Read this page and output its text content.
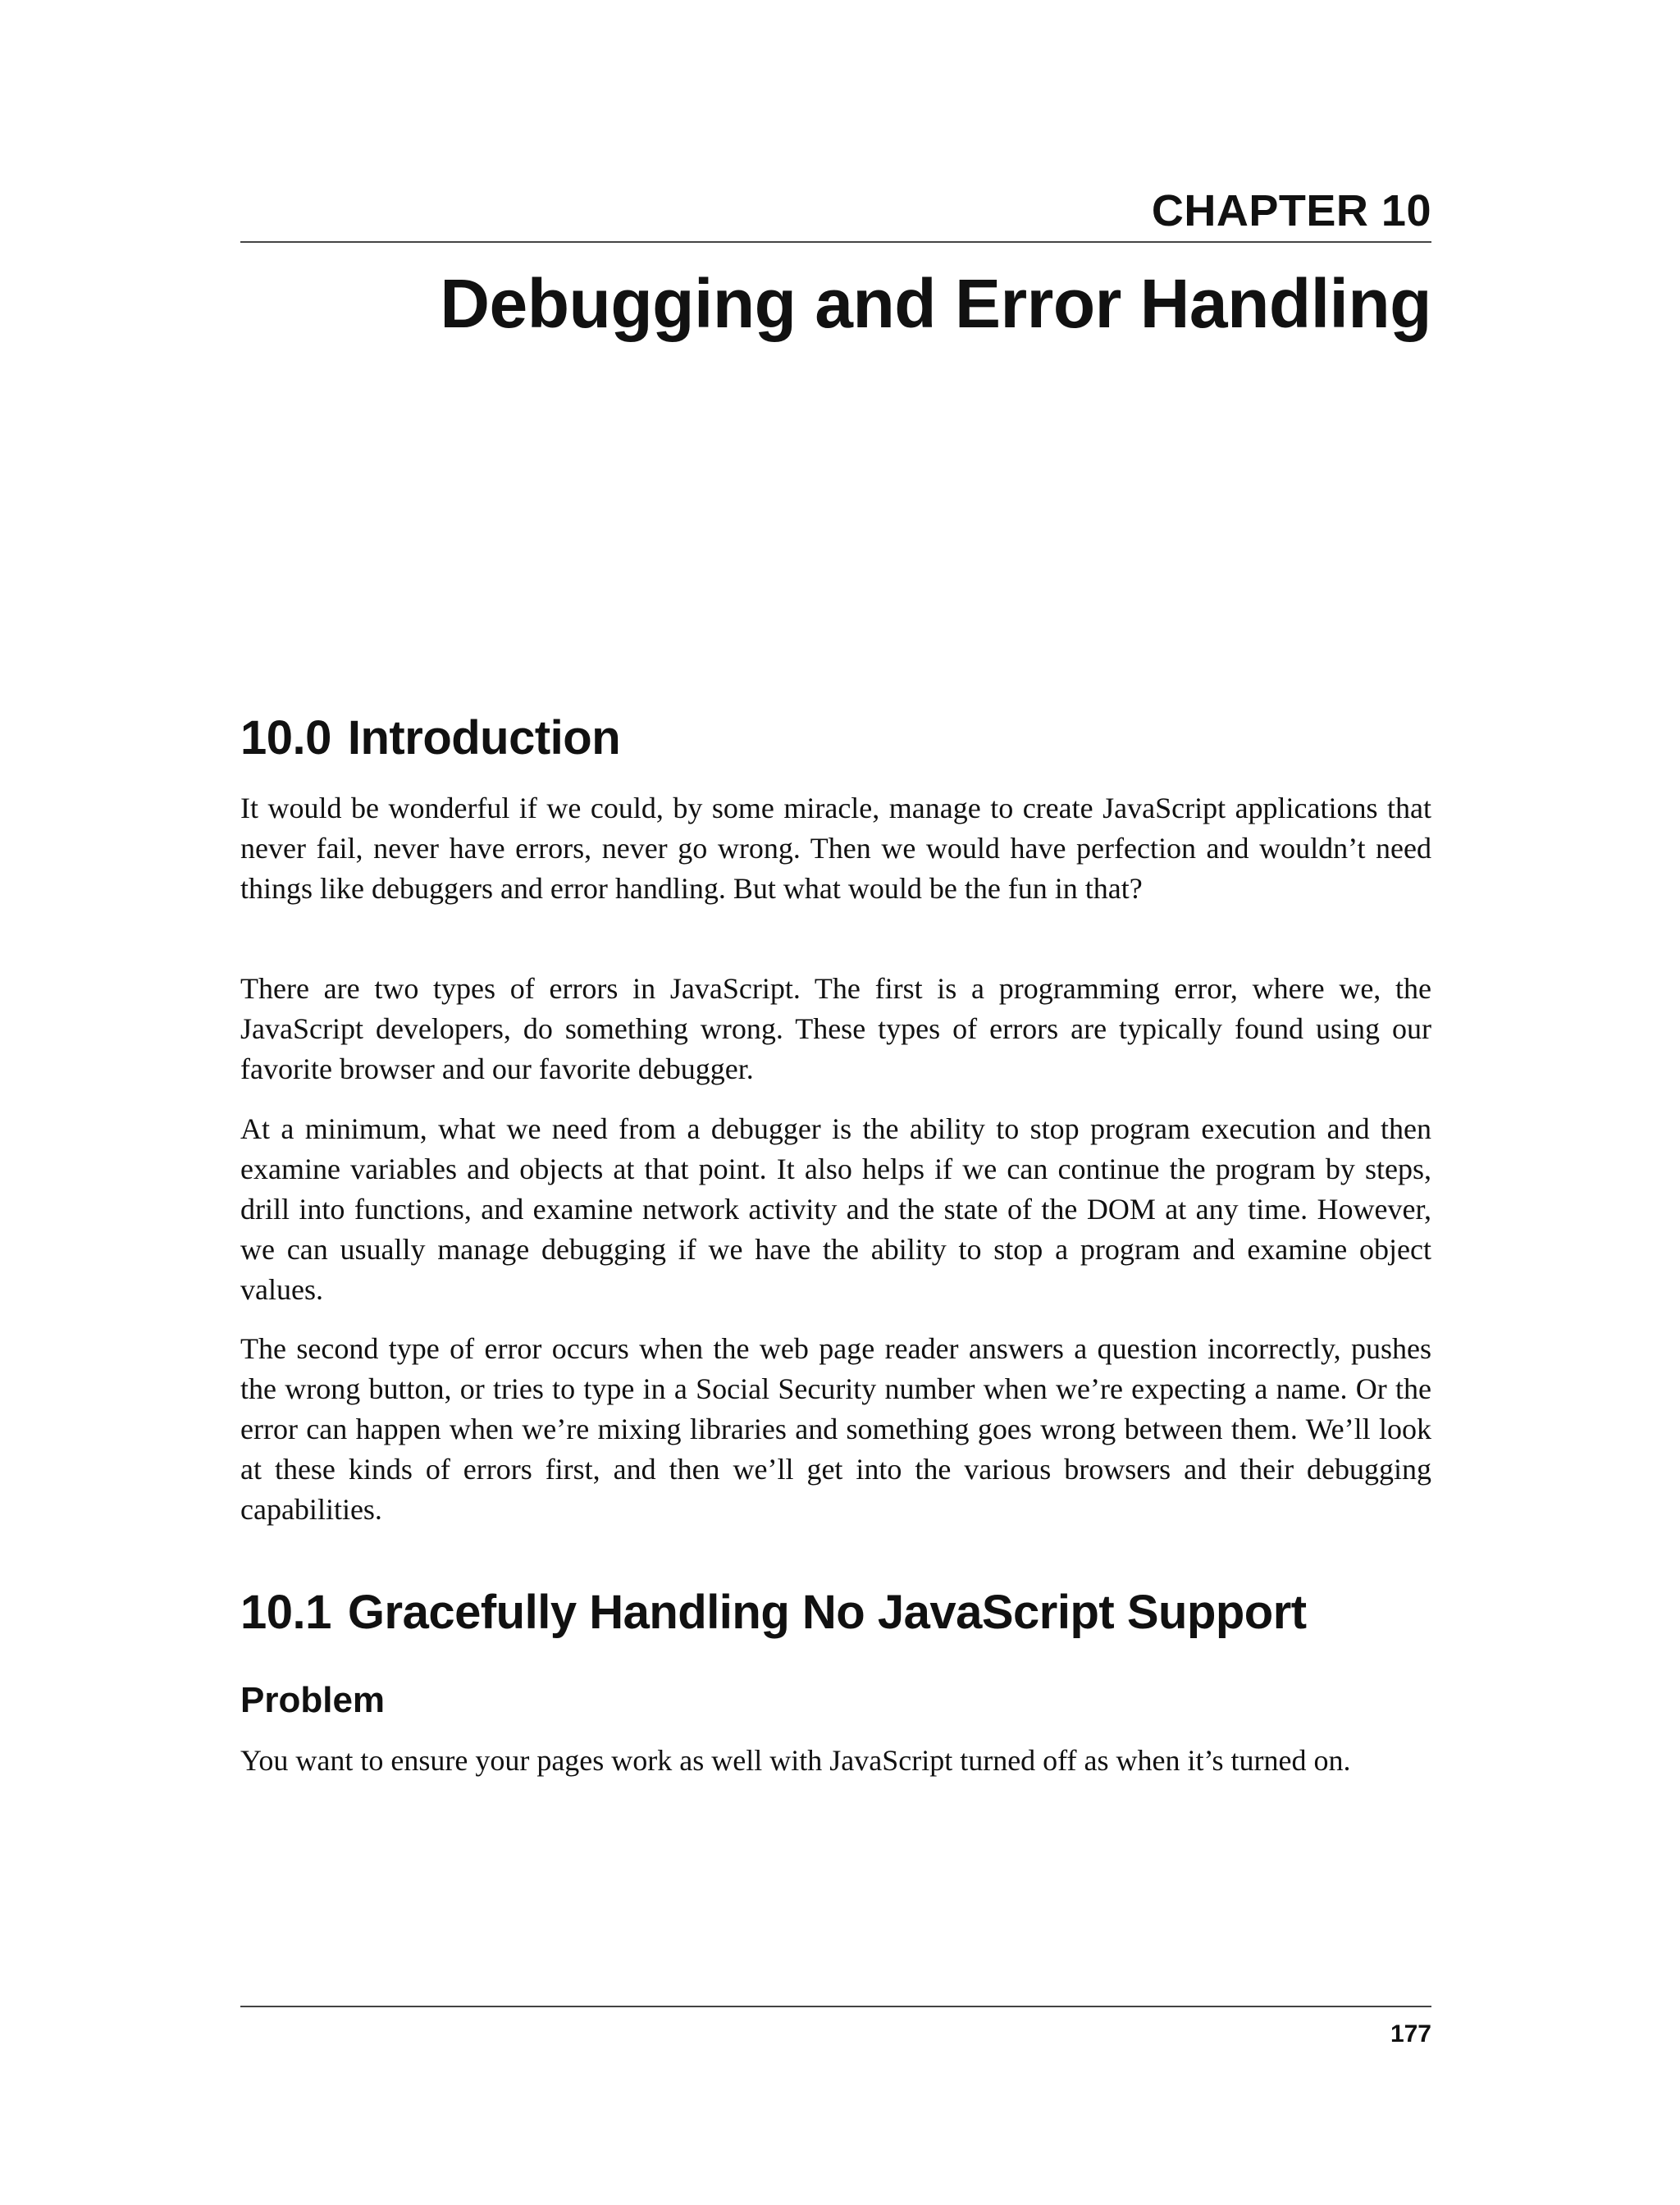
CHAPTER 10
Debugging and Error Handling
10.0 Introduction

It would be wonderful if we could, by some miracle, manage to create JavaScript applications that never fail, never have errors, never go wrong. Then we would have perfection and wouldn’t need things like debuggers and error handling. But what would be the fun in that?

There are two types of errors in JavaScript. The first is a programming error, where we, the JavaScript developers, do something wrong. These types of errors are typically found using our favorite browser and our favorite debugger.

At a minimum, what we need from a debugger is the ability to stop program execution and then examine variables and objects at that point. It also helps if we can continue the program by steps, drill into functions, and examine network activity and the state of the DOM at any time. However, we can usually manage debugging if we have the ability to stop a program and examine object values.

The second type of error occurs when the web page reader answers a question incorrectly, pushes the wrong button, or tries to type in a Social Security number when we’re expecting a name. Or the error can happen when we’re mixing libraries and something goes wrong between them. We’ll look at these kinds of errors first, and then we’ll get into the various browsers and their debugging capabilities.

10.1 Gracefully Handling No JavaScript Support
Problem

You want to ensure your pages work as well with JavaScript turned off as when it’s turned on.

177
